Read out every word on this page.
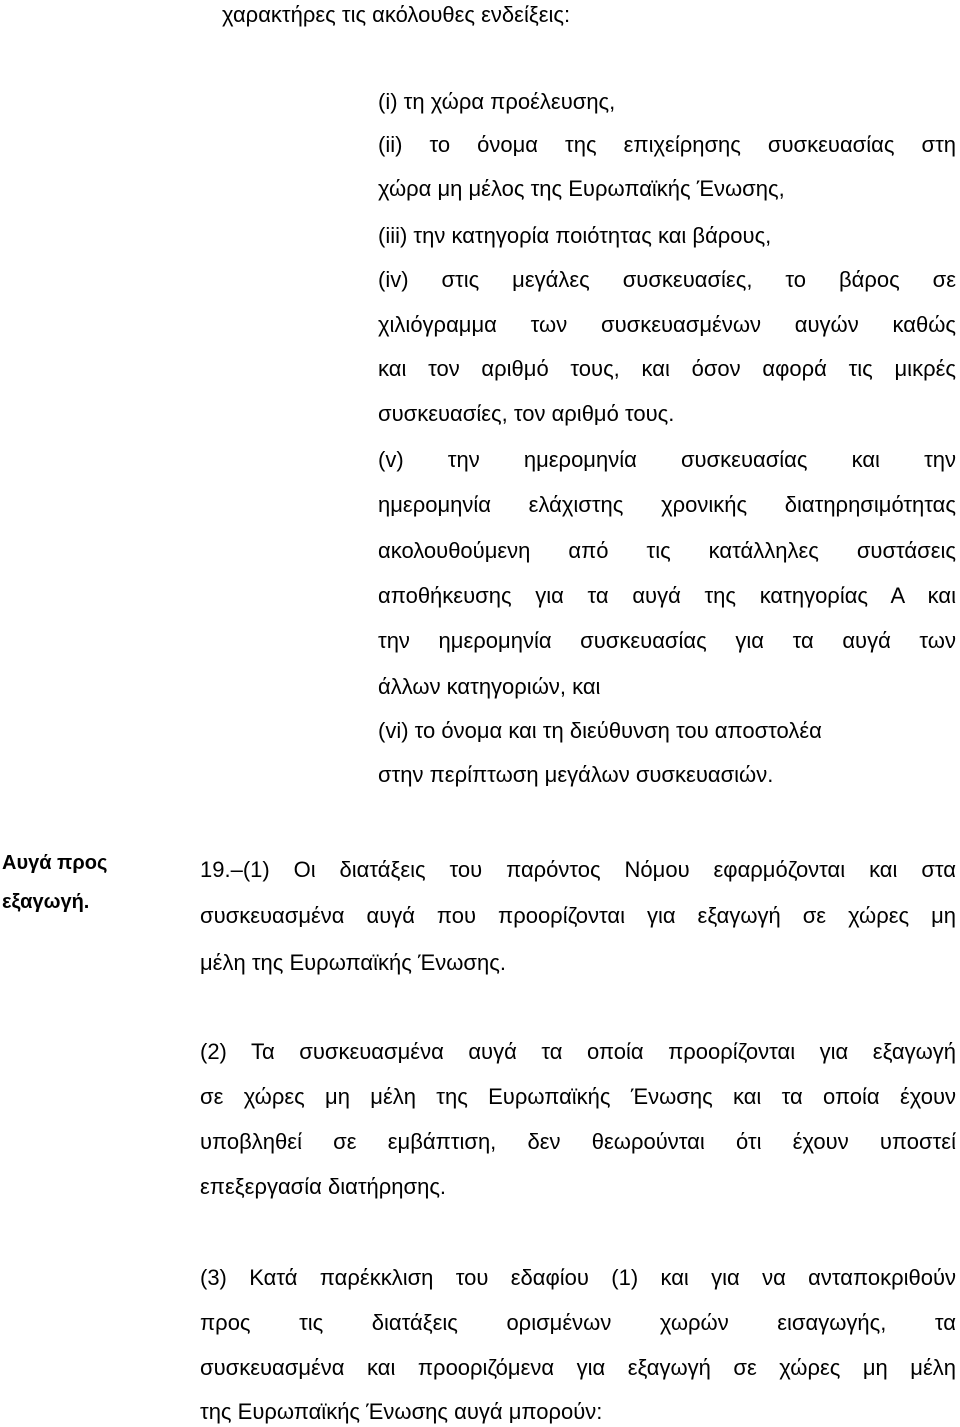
χαρακτήρες τις ακόλουθες ενδείξεις:
(i) τη χώρα προέλευσης,
(ii) το όνομα της επιχείρησης συσκευασίας στη
χώρα μη μέλος της Ευρωπαϊκής Ένωσης,
(iii) την κατηγορία ποιότητας και βάρους,
(iv) στις μεγάλες συσκευασίες, το βάρος σε
χιλιόγραμμα των συσκευασμένων αυγών καθώς
και τον αριθμό τους, και όσον αφορά τις μικρές
συσκευασίες, τον αριθμό τους.
(v) την ημερομηνία συσκευασίας και την
ημερομηνία ελάχιστης χρονικής διατηρησιμότητας
ακολουθούμενη από τις κατάλληλες συστάσεις
αποθήκευσης για τα αυγά της κατηγορίας Α και
την ημερομηνία συσκευασίας για τα αυγά των
άλλων κατηγοριών, και
(vi) το όνομα και τη διεύθυνση του αποστολέα
στην περίπτωση μεγάλων συσκευασιών.
Αυγά προς
εξαγωγή.
19.–(1) Οι διατάξεις του παρόντος Νόμου εφαρμόζονται και στα
συσκευασμένα αυγά που προορίζονται για εξαγωγή σε χώρες μη
μέλη της Ευρωπαϊκής Ένωσης.
(2) Τα συσκευασμένα αυγά τα οποία προορίζονται για εξαγωγή
σε χώρες μη μέλη της Ευρωπαϊκής Ένωσης και τα οποία έχουν
υποβληθεί σε εμβάπτιση, δεν θεωρούνται ότι έχουν υποστεί
επεξεργασία διατήρησης.
(3) Κατά παρέκκλιση του εδαφίου (1) και για να ανταποκριθούν
προς τις διατάξεις ορισμένων χωρών εισαγωγής, τα
συσκευασμένα και προοριζόμενα για εξαγωγή σε χώρες μη μέλη
της Ευρωπαϊκής Ένωσης αυγά μπορούν:
